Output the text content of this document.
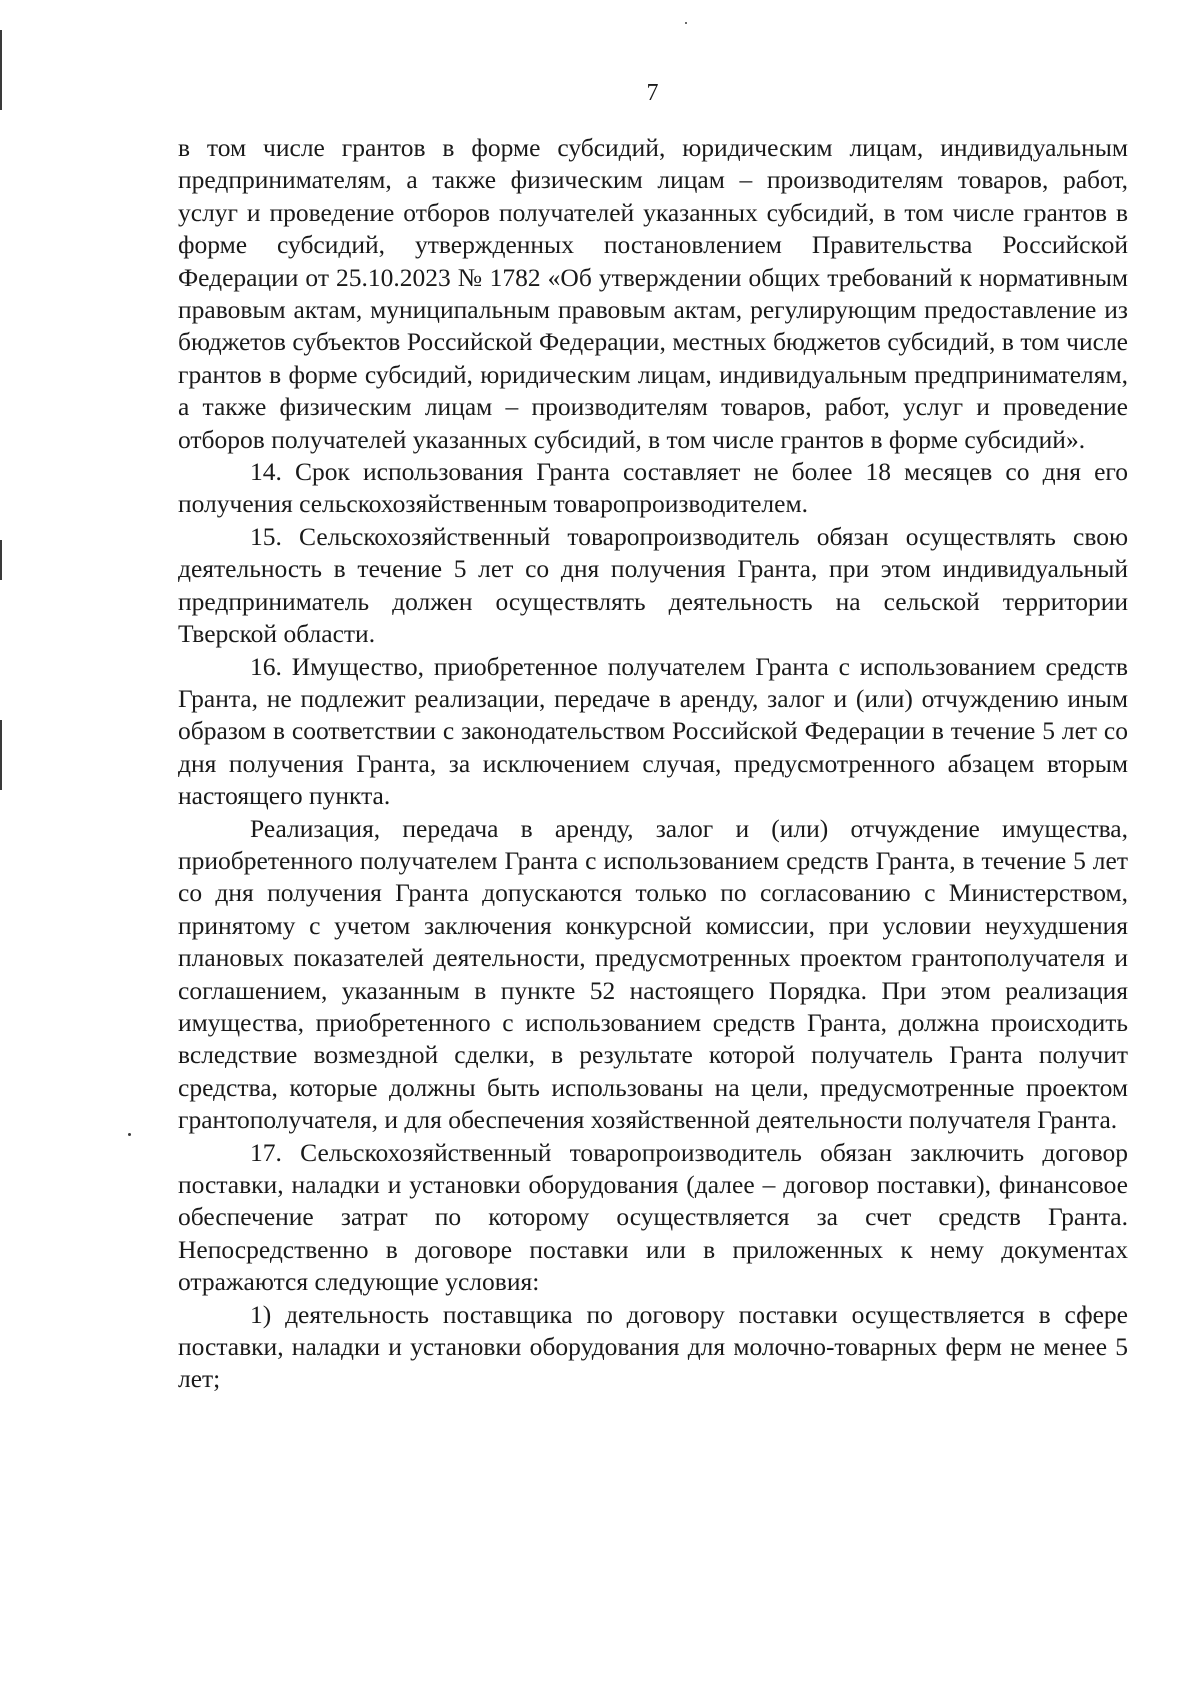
7

в том числе грантов в форме субсидий, юридическим лицам, индивидуальным предпринимателям, а также физическим лицам – производителям товаров, работ, услуг и проведение отборов получателей указанных субсидий, в том числе грантов в форме субсидий, утвержденных постановлением Правительства Российской Федерации от 25.10.2023 № 1782 «Об утверждении общих требований к нормативным правовым актам, муниципальным правовым актам, регулирующим предоставление из бюджетов субъектов Российской Федерации, местных бюджетов субсидий, в том числе грантов в форме субсидий, юридическим лицам, индивидуальным предпринимателям, а также физическим лицам – производителям товаров, работ, услуг и проведение отборов получателей указанных субсидий, в том числе грантов в форме субсидий».

14. Срок использования Гранта составляет не более 18 месяцев со дня его получения сельскохозяйственным товаропроизводителем.

15. Сельскохозяйственный товаропроизводитель обязан осуществлять свою деятельность в течение 5 лет со дня получения Гранта, при этом индивидуальный предприниматель должен осуществлять деятельность на сельской территории Тверской области.

16. Имущество, приобретенное получателем Гранта с использованием средств Гранта, не подлежит реализации, передаче в аренду, залог и (или) отчуждению иным образом в соответствии с законодательством Российской Федерации в течение 5 лет со дня получения Гранта, за исключением случая, предусмотренного абзацем вторым настоящего пункта.

Реализация, передача в аренду, залог и (или) отчуждение имущества, приобретенного получателем Гранта с использованием средств Гранта, в течение 5 лет со дня получения Гранта допускаются только по согласованию с Министерством, принятому с учетом заключения конкурсной комиссии, при условии неухудшения плановых показателей деятельности, предусмотренных проектом грантополучателя и соглашением, указанным в пункте 52 настоящего Порядка. При этом реализация имущества, приобретенного с использованием средств Гранта, должна происходить вследствие возмездной сделки, в результате которой получатель Гранта получит средства, которые должны быть использованы на цели, предусмотренные проектом грантополучателя, и для обеспечения хозяйственной деятельности получателя Гранта.

17. Сельскохозяйственный товаропроизводитель обязан заключить договор поставки, наладки и установки оборудования (далее – договор поставки), финансовое обеспечение затрат по которому осуществляется за счет средств Гранта. Непосредственно в договоре поставки или в приложенных к нему документах отражаются следующие условия:

1) деятельность поставщика по договору поставки осуществляется в сфере поставки, наладки и установки оборудования для молочно-товарных ферм не менее 5 лет;
